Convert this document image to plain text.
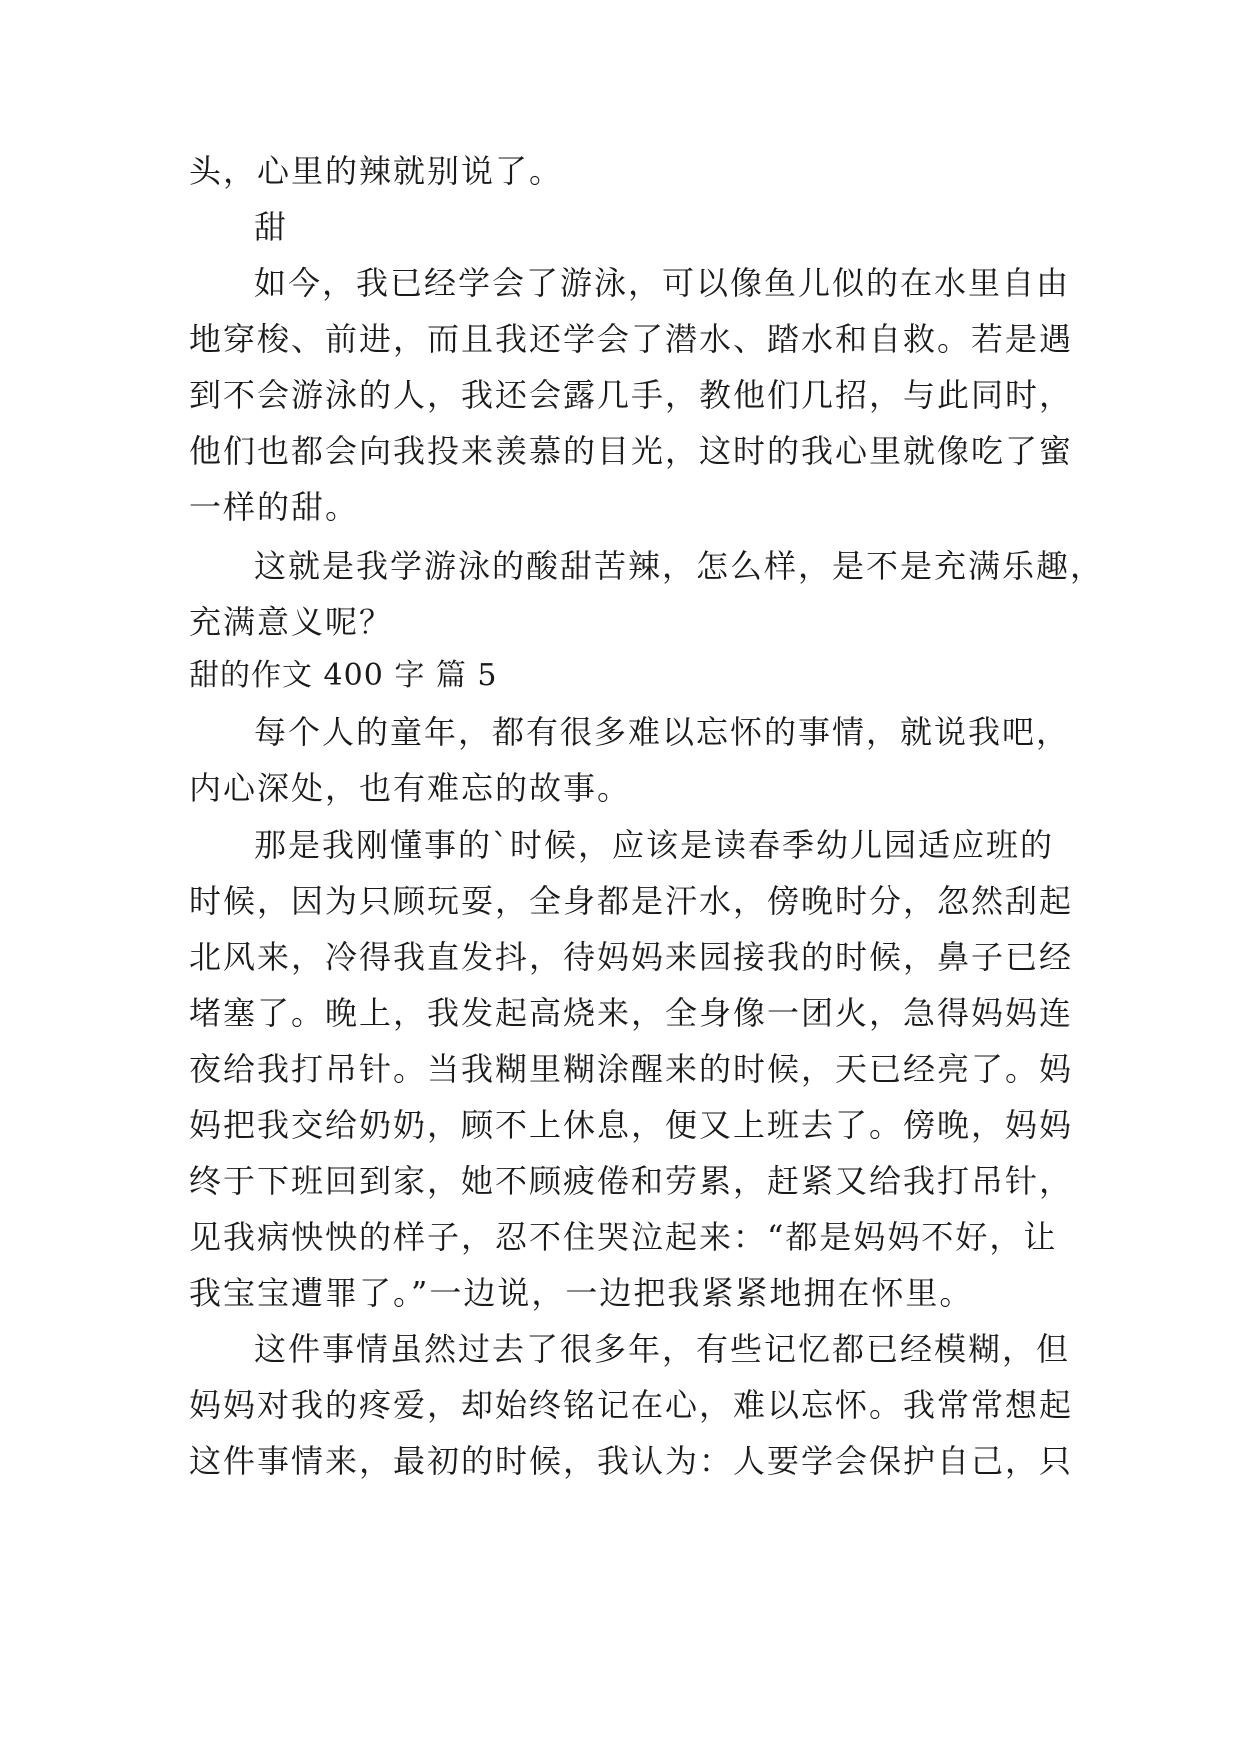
头，心里的辣就别说了。
甜
如今，我已经学会了游泳，可以像鱼儿似的在水里自由
地穿梭、前进，而且我还学会了潜水、踏水和自救。若是遇
到不会游泳的人，我还会露几手，教他们几招，与此同时，
他们也都会向我投来羡慕的目光，这时的我心里就像吃了蜜
一样的甜。
这就是我学游泳的酸甜苦辣，怎么样，是不是充满乐趣，
充满意义呢？
甜的作文 400 字 篇 5
每个人的童年，都有很多难以忘怀的事情，就说我吧，
内心深处，也有难忘的故事。
那是我刚懂事的`时候，应该是读春季幼儿园适应班的
时候，因为只顾玩耍，全身都是汗水，傍晚时分，忽然刮起
北风来，冷得我直发抖，待妈妈来园接我的时候，鼻子已经
堵塞了。晚上，我发起高烧来，全身像一团火，急得妈妈连
夜给我打吊针。当我糊里糊涂醒来的时候，天已经亮了。妈
妈把我交给奶奶，顾不上休息，便又上班去了。傍晚，妈妈
终于下班回到家，她不顾疲倦和劳累，赶紧又给我打吊针，
见我病怏怏的样子，忍不住哭泣起来：“都是妈妈不好，让
我宝宝遭罪了。”一边说，一边把我紧紧地拥在怀里。
这件事情虽然过去了很多年，有些记忆都已经模糊，但
妈妈对我的疼爱，却始终铭记在心，难以忘怀。我常常想起
这件事情来，最初的时候，我认为：人要学会保护自己，只
